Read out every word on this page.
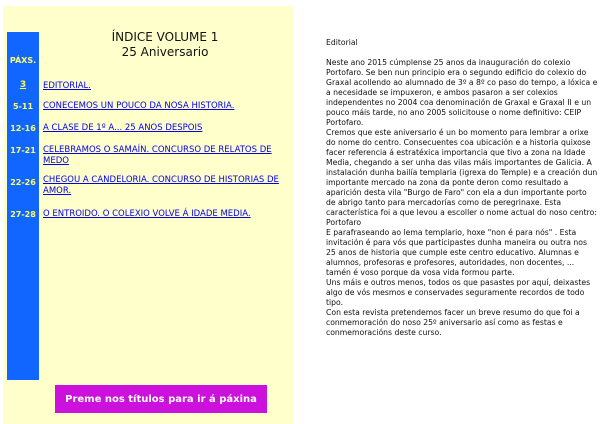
ÍNDICE VOLUME 1
25 Aniversario
PÁXS.
3	EDITORIAL.
5-11	CONECEMOS UN POUCO DA NOSA HISTORIA.
12-16 A CLASE DE 1º A... 25 ANOS DESPOIS
17-21 CELEBRAMOS O SAMAÍN. CONCURSO DE RELATOS DE MEDO
22-26 CHEGOU A CANDELORIA. CONCURSO DE HISTORIAS DE AMOR.
27-28 O ENTROIDO. O COLEXIO VOLVE Á IDADE MEDIA.
Preme nos títulos para ir á páxina
Editorial

Neste ano 2015 cúmplense 25 anos da inauguración do colexio Portofaro. Se ben nun principio era o segundo edificio do colexio do Graxal acollendo ao alumnado de 3º a 8º co paso do tempo, a lóxica e a necesidade se impuxeron, e ambos pasaron a ser colexios independentes no 2004 coa denominación de Graxal e Graxal II e un pouco máis tarde, no ano 2005 solicitouse o nome definitivo: CEIP Portofaro.

Cremos que este aniversario é un bo momento para lembrar a orixe do nome do centro. Consecuentes coa ubicación e a historia quixose facer referencia á estratéxica importancia que tivo a zona na Idade Media, chegando a ser unha das vilas máis importantes de Galicia. A instalación dunha bailía templaria (igrexa do Temple) e a creación dun importante mercado na zona da ponte deron como resultado a aparición desta vila "Burgo de Faro" con ela a dun importante porto de abrigo tanto para mercadorías como de peregrinaxe. Esta característica foi a que levou a escoller o nome actual do noso centro: Portofaro

E parafraseando ao lema templario, hoxe "non é para nós" . Esta invitación é para vós que participastes dunha maneira ou outra nos 25 anos de historia que cumple este centro educativo. Alumnas e alumnos, profesoras e profesores, autoridades, non docentes, ... tamén é voso porque da vosa vida formou parte.

Uns máis e outros menos, todos os que pasastes por aquí, deixastes algo de vós mesmos e conservades seguramente recordos de todo tipo.

Con esta revista pretendemos facer un breve resumo do que foi a conmemoración do noso 25º aniversario así como as festas e conmemoracións deste curso.
